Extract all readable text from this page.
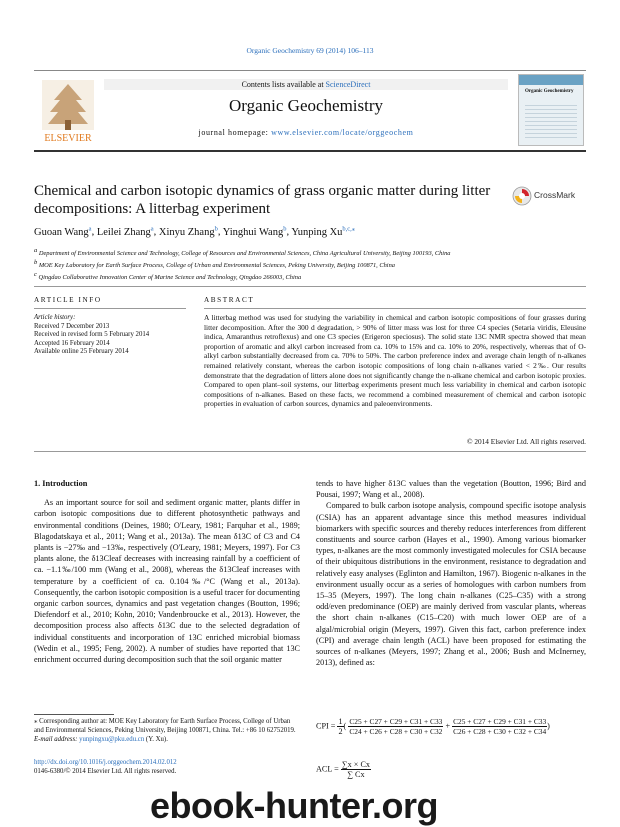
Organic Geochemistry 69 (2014) 106–113
ELSEVIER
Contents lists available at ScienceDirect
Organic Geochemistry
journal homepage: www.elsevier.com/locate/orggeochem
Organic Geochemistry
Chemical and carbon isotopic dynamics of grass organic matter during litter decompositions: A litterbag experiment
CrossMark
Guoan Wang$^a$, Leilei Zhang$^a$, Xinyu Zhang$^b$, Yinghui Wang$^b$, Yunping $Xu^{b,c,⁎}$
$^a$ Department of Environmental Science and Technology, College of Resources and Environmental Sciences, China Agricultural University, Beijing 100193, China
$^b$ MOE Key Laboratory for Earth Surface Process, College of Urban and Environmental Sciences, Peking University, Beijing 100871, China
$^c$ Qingdao Collaborative Innovation Center of Marine Science and Technology, Qingdao 266003, China
ARTICLE INFO
Article history:
Received 7 December 2013
Received in revised form 5 February 2014
Accepted 16 February 2014
Available online 25 February 2014
ABSTRACT
A litterbag method was used for studying the variability in chemical and carbon isotopic compositions of four grasses during litter decomposition. After the 300 d degradation, > 90% of litter mass was lost for three C4 species (Setaria viridis, Eleusine indica, Amaranthus retroflexus) and one C3 species (Erigeron speciosus). The solid state 13C NMR spectra showed that mean proportion of aromatic and alkyl carbon increased from ca. 10% to 15% and ca. 10% to 20%, respectively, whereas that of O-alkyl carbon substantially decreased from ca. 70% to 50%. The carbon preference index and average chain length of n-alkanes remained relatively constant, whereas the carbon isotopic compositions of long chain n-alkanes varied < 2‰. Our results demonstrate that the degradation of litters alone does not significantly change the n-alkane chemical and carbon isotopic proxies. Compared to open plant–soil systems, our litterbag experiments present much less variability in chemical and carbon isotopic compositions of n-alkanes. Based on these facts, we recommend a combined measurement of chemical and carbon isotopic properties in evaluation of carbon sources, dynamics and paleoenvironments.
© 2014 Elsevier Ltd. All rights reserved.
1. Introduction

As an important source for soil and sediment organic matter, plants differ in carbon isotopic compositions due to different photosynthetic pathways and environmental conditions (Deines, 1980; O'Leary, 1981; Farquhar et al., 1989; Blagodatskaya et al., 2011; Wang et al., 2013a). The mean δ13C of C3 and C4 plants is −27‰ and −13‰, respectively (O'Leary, 1981; Meyers, 1997). For C3 plants alone, the δ13Cleaf decreases with increasing rainfall by a coefficient of ca. −1.1‰/100 mm (Wang et al., 2008), whereas the δ13Cleaf increases with temperature by a coefficient of ca. 0.104‰/°C (Wang et al., 2013a). Consequently, the carbon isotopic composition is a useful tracer for documenting organic carbon sources, dynamics and past vegetation changes (Boutton, 1996; Diefendorf et al., 2010; Kohn, 2010; Vandenbroucke et al., 2013). However, the decomposition process also affects δ13C due to the selected degradation of individual constituents and incorporation of 13C enriched microbial biomass (Wedin et al., 1995; Feng, 2002). A number of studies have reported that 13C enrichment occurred during decomposition such that the soil organic matter

tends to have higher δ13C values than the vegetation (Boutton, 1996; Bird and Pousai, 1997; Wang et al., 2008).

Compared to bulk carbon isotope analysis, compound specific isotope analysis (CSIA) has an apparent advantage since this method measures individual biomarkers with specific sources and thereby reduces interferences from different constituents and source carbon (Hayes et al., 1990). Among various biomarker types, n-alkanes are the most commonly investigated molecules for CSIA because of their ubiquitous distributions in the environment, resistance to degradation and relatively easy analyses (Eglinton and Hamilton, 1967). Biogenic n-alkanes in the environment usually occur as a series of homologues with carbon numbers from 15–35 (Meyers, 1997). The long chain n-alkanes (C25–C35) with a strong odd/even predominance (OEP) are mainly derived from vascular plants, whereas the short chain n-alkanes (C15–C20) with much lower OEP are of a algal/microbial origin (Meyers, 1997). Given this fact, carbon preference index (CPI) and average chain length (ACL) have been proposed for estimating the sources of n-alkanes (Meyers, 1997; Zhang et al., 2006; Bush and McInerney, 2013), defined as:

⁎ Corresponding author at: MOE Key Laboratory for Earth Surface Process, College of Urban and Environmental Sciences, Peking University, Beijing 100871, China. Tel.: +86 10 62752019.
E-mail address: yunpingxu@pku.edu.cn (Y. Xu).
http://dx.doi.org/10.1016/j.orggeochem.2014.02.012
0146-6380/© 2014 Elsevier Ltd. All rights reserved.
CPI = $\frac{1}{2}$ ( $\frac{C25 + C27 + C29 + C31 + C33}{C24 + C26 + C28 + C30 + C32} + \frac{C25 + C27 + C29 + C31 + C33}{C26 + C28 + C30 + C32 + C34}$ )
ACL = $\frac{\sum x \times Cx}{\sum Cx}$
ebook-hunter.org
